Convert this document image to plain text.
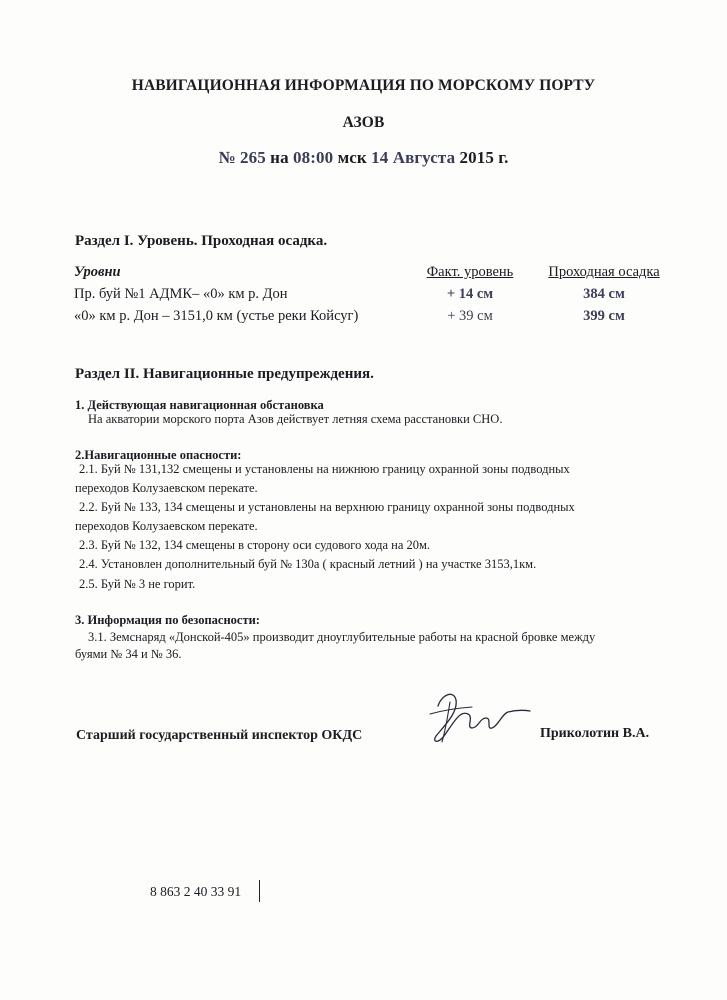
НАВИГАЦИОННАЯ ИНФОРМАЦИЯ ПО МОРСКОМУ ПОРТУ
АЗОВ
№ 265 на 08:00 мск 14 Августа 2015 г.
Раздел I. Уровень. Проходная осадка.
Уровни	Факт. уровень	Проходная осадка
Пр. буй №1 АДМК– «0» км р. Дон	+ 14 см	384 см
«0» км р. Дон – 3151,0 км (устье реки Койсуг)	+ 39 см	399 см
Раздел II. Навигационные предупреждения.
1. Действующая навигационная обстановка
На акватории морского порта Азов действует летняя схема расстановки СНО.
2.Навигационные опасности:
2.1. Буй № 131,132 смещены и установлены на нижнюю границу охранной зоны подводных
переходов Колузаевском перекате.
2.2. Буй № 133, 134 смещены и установлены на верхнюю границу охранной зоны подводных
переходов Колузаевском перекате.
2.3. Буй № 132, 134 смещены в сторону оси судового хода на 20м.
2.4. Установлен дополнительный буй № 130а ( красный летний ) на участке 3153,1км.
2.5. Буй № 3 не горит.
3. Информация по безопасности:
3.1. Земснаряд «Донской-405» производит дноуглубительные работы на красной бровке между
буями № 34 и № 36.
Старший государственный инспектор ОКДС	Приколотин В.А.
8 863 2 40 33 91
